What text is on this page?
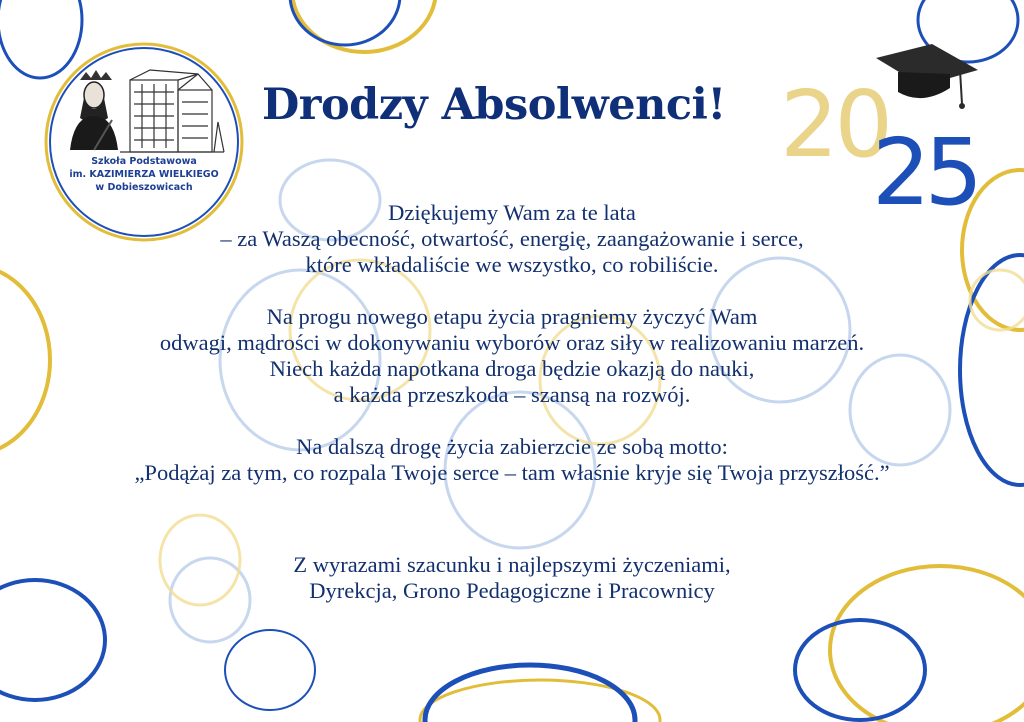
Szkoła Podstawowa
im. KAZIMIERZA WIELKIEGO
w Dobieszowicach
Drodzy Absolwenci! 20
25
Dziękujemy Wam za te lata
– za Waszą obecność, otwartość, energię, zaangażowanie i serce,
które wkładaliście we wszystko, co robiliście.
Na progu nowego etapu życia pragniemy życzyć Wam
odwagi, mądrości w dokonywaniu wyborów oraz siły w realizowaniu marzeń.
Niech każda napotkana droga będzie okazją do nauki,
a każda przeszkoda – szansą na rozwój.
Na dalszą drogę życia zabierzcie ze sobą motto:
„Podążaj za tym, co rozpala Twoje serce – tam właśnie kryje się Twoja przyszłość.”
Z wyrazami szacunku i najlepszymi życzeniami,
Dyrekcja, Grono Pedagogiczne i Pracownicy
